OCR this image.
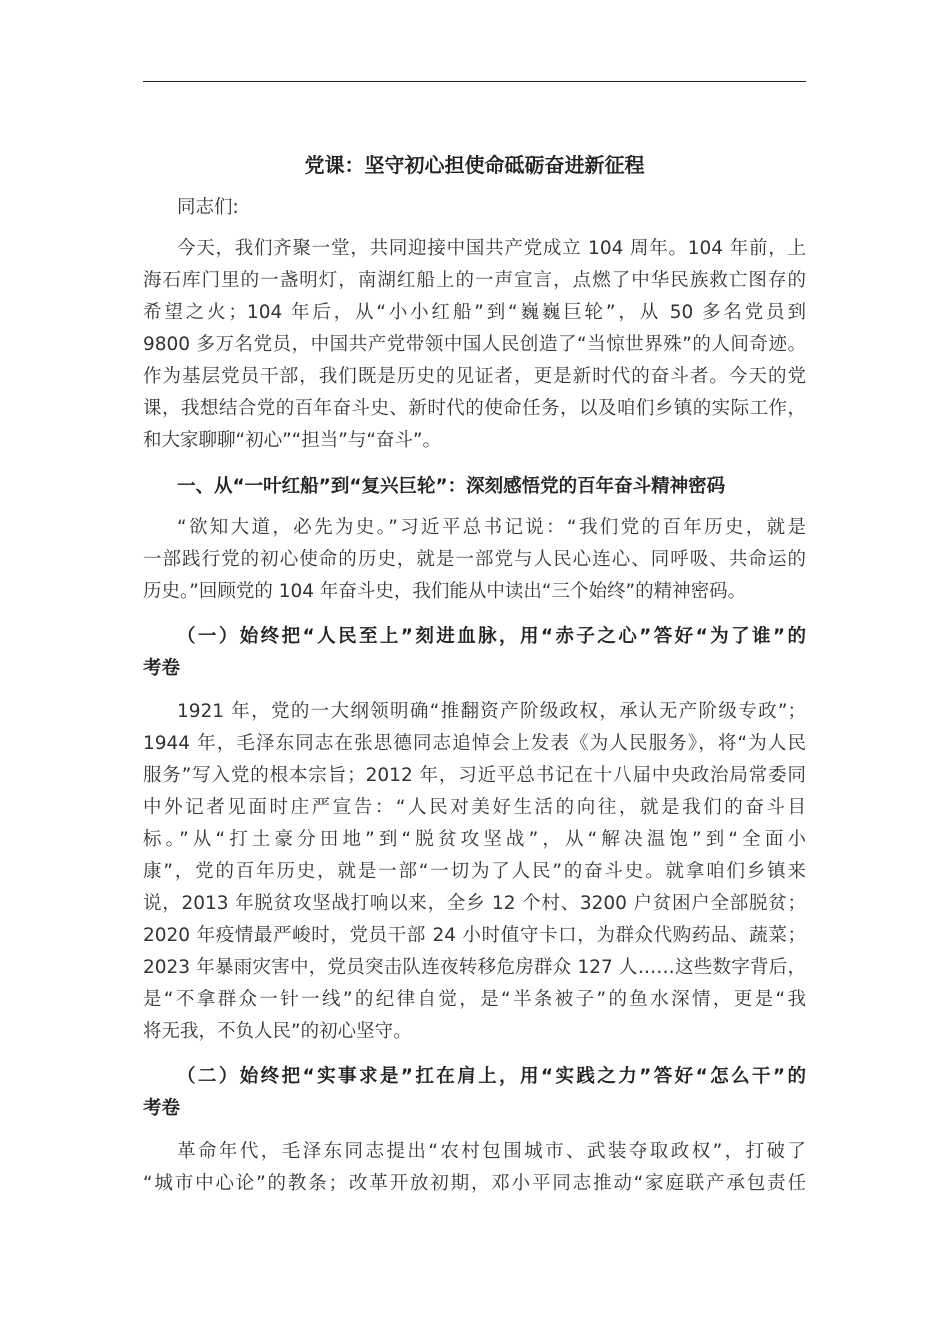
党课：坚守初心担使命砥砺奋进新征程
同志们:
今天，我们齐聚一堂，共同迎接中国共产党成立 104 周年。104 年前，上
海石库门里的一盏明灯，南湖红船上的一声宣言，点燃了中华民族救亡图存的
希望之火；104 年后，从“小小红船”到“巍巍巨轮”，从 50 多名党员到
9800 多万名党员，中国共产党带领中国人民创造了“当惊世界殊”的人间奇迹。
作为基层党员干部，我们既是历史的见证者，更是新时代的奋斗者。今天的党
课，我想结合党的百年奋斗史、新时代的使命任务，以及咱们乡镇的实际工作，
和大家聊聊“初心”“担当”与“奋斗”。
一、从“一叶红船”到“复兴巨轮”：深刻感悟党的百年奋斗精神密码
“欲知大道，必先为史。”习近平总书记说：“我们党的百年历史，就是
一部践行党的初心使命的历史，就是一部党与人民心连心、同呼吸、共命运的
历史。”回顾党的 104 年奋斗史，我们能从中读出“三个始终”的精神密码。
（一）始终把“人民至上”刻进血脉，用“赤子之心”答好“为了谁”的
考卷
1921 年，党的一大纲领明确“推翻资产阶级政权，承认无产阶级专政”；
1944 年，毛泽东同志在张思德同志追悼会上发表《为人民服务》，将“为人民
服务”写入党的根本宗旨；2012 年，习近平总书记在十八届中央政治局常委同
中外记者见面时庄严宣告：“人民对美好生活的向往，就是我们的奋斗目
标。”从“打土豪分田地”到“脱贫攻坚战”，从“解决温饱”到“全面小
康”，党的百年历史，就是一部“一切为了人民”的奋斗史。就拿咱们乡镇来
说，2013 年脱贫攻坚战打响以来，全乡 12 个村、3200 户贫困户全部脱贫；
2020 年疫情最严峻时，党员干部 24 小时值守卡口，为群众代购药品、蔬菜；
2023 年暴雨灾害中，党员突击队连夜转移危房群众 127 人……这些数字背后，
是“不拿群众一针一线”的纪律自觉，是“半条被子”的鱼水深情，更是“我
将无我，不负人民”的初心坚守。
（二）始终把“实事求是”扛在肩上，用“实践之力”答好“怎么干”的
考卷
革命年代，毛泽东同志提出“农村包围城市、武装夺取政权”，打破了
“城市中心论”的教条；改革开放初期，邓小平同志推动“家庭联产承包责任
